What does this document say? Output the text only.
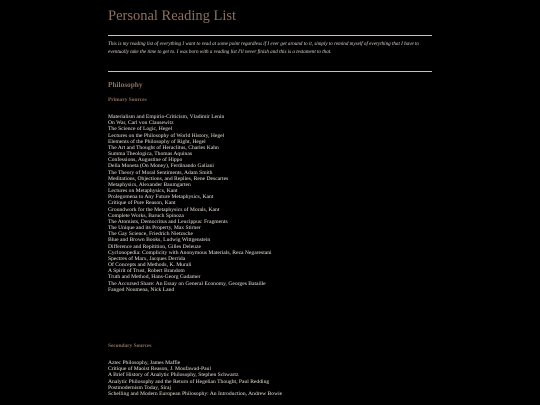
Personal Reading List

This is my reading list of everything I want to read at some point regardless if I ever get around to it, simply to remind myself of everything that I have to eventually take the time to get to. I was born with a reading list I'll never finish and this is a testament to that.

Philosophy
Primary Sources
Materialism and Empirio-Criticism, Vladimir Lenin
On War, Carl von Clausewitz
The Science of Logic, Hegel
Lectures on the Philosophy of World History, Hegel
Elements of the Philosophy of Right, Hegel
The Art and Thought of Heraclitus, Charles Kahn
Summa Theologica, Thomas Aquinas
Confessions, Augustine of Hippo
Della Moneta (On Money), Ferdinando Galiani
The Theory of Moral Sentiments, Adam Smith
Meditations, Objections, and Replies, Rene Descartes
Metaphysics, Alexander Baumgarten
Lectures on Metaphysics, Kant
Prolegomena to Any Future Metaphysics, Kant
Critique of Pure Reason, Kant
Groundwork for the Metaphysics of Morals, Kant
Complete Works, Baruch Spinoza
The Atomists, Democritus and Leucippus: Fragments
The Unique and its Property, Max Stirner
The Gay Science, Friedrich Nietzsche
Blue and Brown Books, Ludwig Wittgenstein
Difference and Repitition, Gilles Deleuze
Cyclonopedia: Complicity with Anonymous Materials, Reza Negarestani
Spectres of Marx, Jacques Derrida
Of Concepts and Methods, K. Murali
A Spirit of Trust, Robert Brandom
Truth and Method, Hans-Georg Gadamer
The Accursed Share: An Essay on General Economy, Georges Bataille
Fanged Noumena, Nick Land
Secondary Sources
Aztec Philosophy, James Maffie
Critique of Maoist Reason, J. Moufawad-Paul
A Brief History of Analytic Philosophy, Stephen Schwartz
Analytic Philosophy and the Return of Hegelian Thought, Paul Redding
Postmodernism Today, Siraj
Schelling and Modern European Philosophy: An Introduction, Andrew Bowie
